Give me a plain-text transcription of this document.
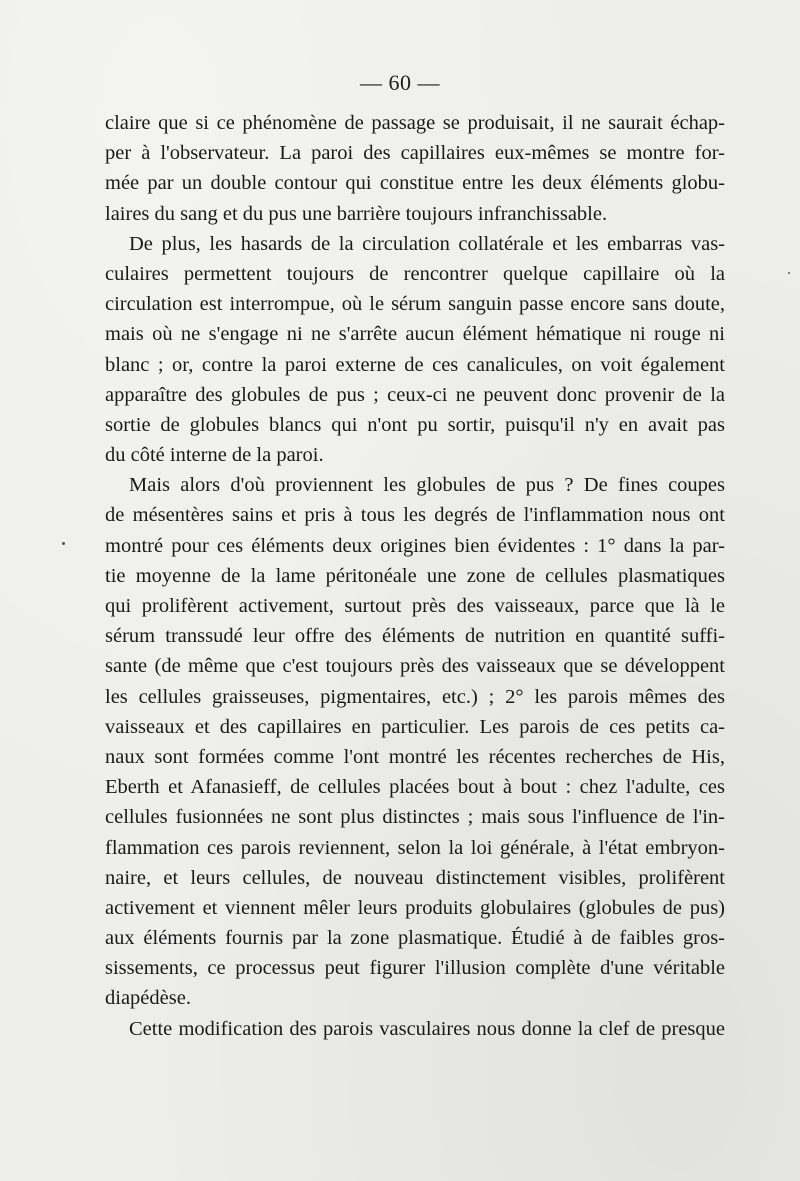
— 60 —

claire que si ce phénomène de passage se produisait, il ne saurait échap-
per à l'observateur. La paroi des capillaires eux-mêmes se montre for-
mée par un double contour qui constitue entre les deux éléments globu-
laires du sang et du pus une barrière toujours infranchissable.

De plus, les hasards de la circulation collatérale et les embarras vas-
culaires permettent toujours de rencontrer quelque capillaire où la
circulation est interrompue, où le sérum sanguin passe encore sans doute,
mais où ne s'engage ni ne s'arrête aucun élément hématique ni rouge ni
blanc ; or, contre la paroi externe de ces canalicules, on voit également
apparaître des globules de pus ; ceux-ci ne peuvent donc provenir de la
sortie de globules blancs qui n'ont pu sortir, puisqu'il n'y en avait pas
du côté interne de la paroi.

Mais alors d'où proviennent les globules de pus ? De fines coupes
de mésentères sains et pris à tous les degrés de l'inflammation nous ont
montré pour ces éléments deux origines bien évidentes : 1° dans la par-
tie moyenne de la lame péritonéale une zone de cellules plasmatiques
qui prolifèrent activement, surtout près des vaisseaux, parce que là le
sérum transsudé leur offre des éléments de nutrition en quantité suffi-
sante (de même que c'est toujours près des vaisseaux que se développent
les cellules graisseuses, pigmentaires, etc.) ; 2° les parois mêmes des
vaisseaux et des capillaires en particulier. Les parois de ces petits ca-
naux sont formées comme l'ont montré les récentes recherches de His,
Eberth et Afanasieff, de cellules placées bout à bout : chez l'adulte, ces
cellules fusionnées ne sont plus distinctes ; mais sous l'influence de l'in-
flammation ces parois reviennent, selon la loi générale, à l'état embryon-
naire, et leurs cellules, de nouveau distinctement visibles, prolifèrent
activement et viennent mêler leurs produits globulaires (globules de pus)
aux éléments fournis par la zone plasmatique. Étudié à de faibles gros-
sissements, ce processus peut figurer l'illusion complète d'une véritable
diapédèse.

Cette modification des parois vasculaires nous donne la clef de presque
